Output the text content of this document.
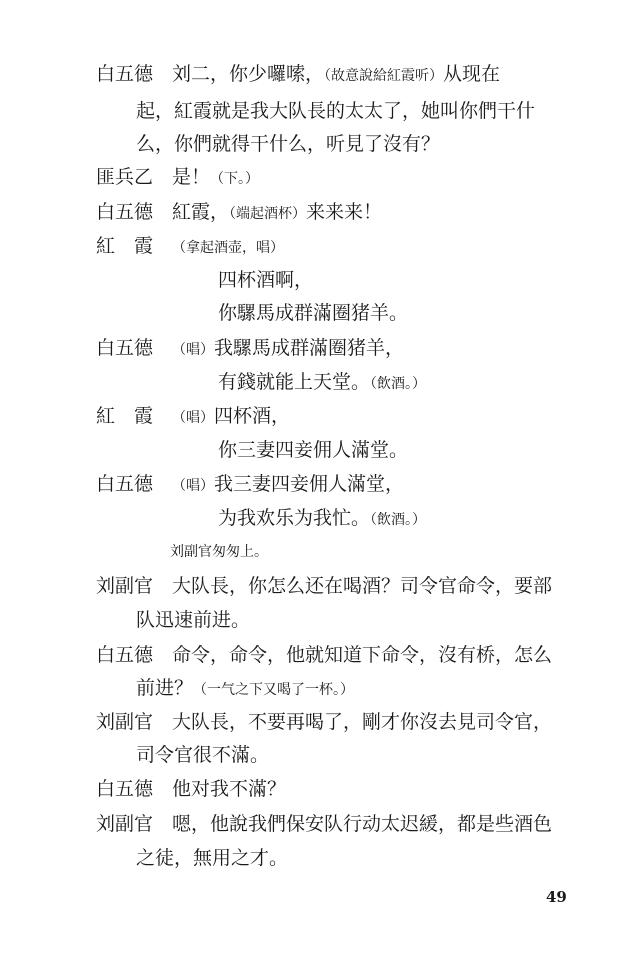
白五德 刘二，你少囉嗦，（故意說給紅霞听）从现在
起，紅霞就是我大队長的太太了，她叫你們干什
么，你們就得干什么，听見了沒有？
匪兵乙 是！（下。）
白五德 紅霞，（端起酒杯）来来来！
紅　霞 （拿起酒壶，唱）
四杯酒啊，
你騾馬成群滿圈猪羊。
白五德 （唱）我騾馬成群滿圈猪羊，
有錢就能上天堂。（飲酒。）
紅　霞 （唱）四杯酒，
你三妻四妾佣人滿堂。
白五德 （唱）我三妻四妾佣人滿堂，
为我欢乐为我忙。（飲酒。）
刘副官匆匆上。
刘副官 大队長，你怎么还在喝酒？司令官命令，要部
队迅速前进。
白五德 命令，命令，他就知道下命令，沒有桥，怎么
前进？（一气之下又喝了一杯。）
刘副官 大队長，不要再喝了，剛才你沒去見司令官，
司令官很不滿。
白五德 他对我不滿？
刘副官 嗯，他說我們保安队行动太迟緩，都是些酒色
之徒，無用之才。
49
